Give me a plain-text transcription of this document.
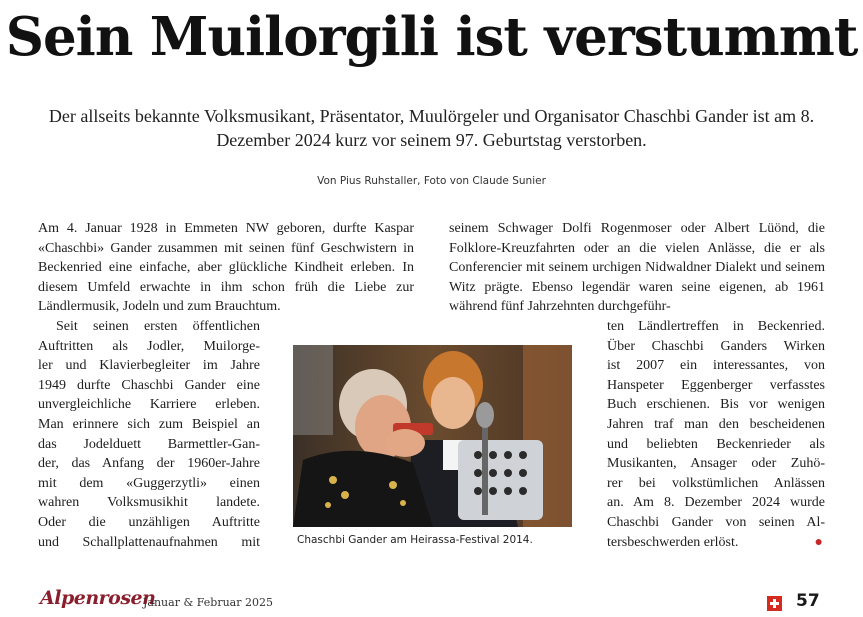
Sein Muilorgili ist verstummt

Der allseits bekannte Volksmusikant, Präsentator, Muulörgeler und Organisator Chaschbi Gander ist am 8. Dezember 2024 kurz vor seinem 97. Geburtstag verstorben.

Von Pius Ruhstaller, Foto von Claude Sunier

Am 4. Januar 1928 in Emmeten NW geboren, durfte Kaspar «Chaschbi» Gander zusammen mit seinen fünf Geschwistern in Beckenried eine einfache, aber glückliche Kindheit erleben. In diesem Umfeld erwachte in ihm schon früh die Liebe zur Ländlermusik, Jodeln und zum Brauchtum.

Seit seinen ersten öffentlichen
Auftritten als Jodler, Muilorge-
ler und Klavierbegleiter im Jahre
1949 durfte Chaschbi Gander eine
unvergleichliche Karriere erleben.
Man erinnere sich zum Beispiel an
das Jodelduett Barmettler-Gan-
der, das Anfang der 1960er-Jahre
mit dem «Guggerzytli» einen
wahren Volksmusikhit landete.
Oder die unzähligen Auftritte
und Schallplattenaufnahmen mit

seinem Schwager Dolfi Rogenmoser oder Albert Lüönd, die Folklore-Kreuzfahrten oder an die vielen Anlässe, die er als Conferencier mit seinem urchigen Nidwaldner Dialekt und seinem Witz prägte. Ebenso legendär waren seine eigenen, ab 1961 während fünf Jahrzehnten durchgeführ-

ten Ländlertreffen in Beckenried.
Über Chaschbi Ganders Wirken
ist 2007 ein interessantes, von
Hanspeter Eggenberger verfasstes
Buch erschienen. Bis vor wenigen
Jahren traf man den bescheidenen
und beliebten Beckenrieder als
Musikanten, Ansager oder Zuhö-
rer bei volkstümlichen Anlässen
an. Am 8. Dezember 2024 wurde
Chaschbi Gander von seinen Al-
tersbeschwerden erlöst.	●
Chaschbi Gander am Heirassa-Festival 2014.
Alpenrosen
Januar & Februar 2025	57
